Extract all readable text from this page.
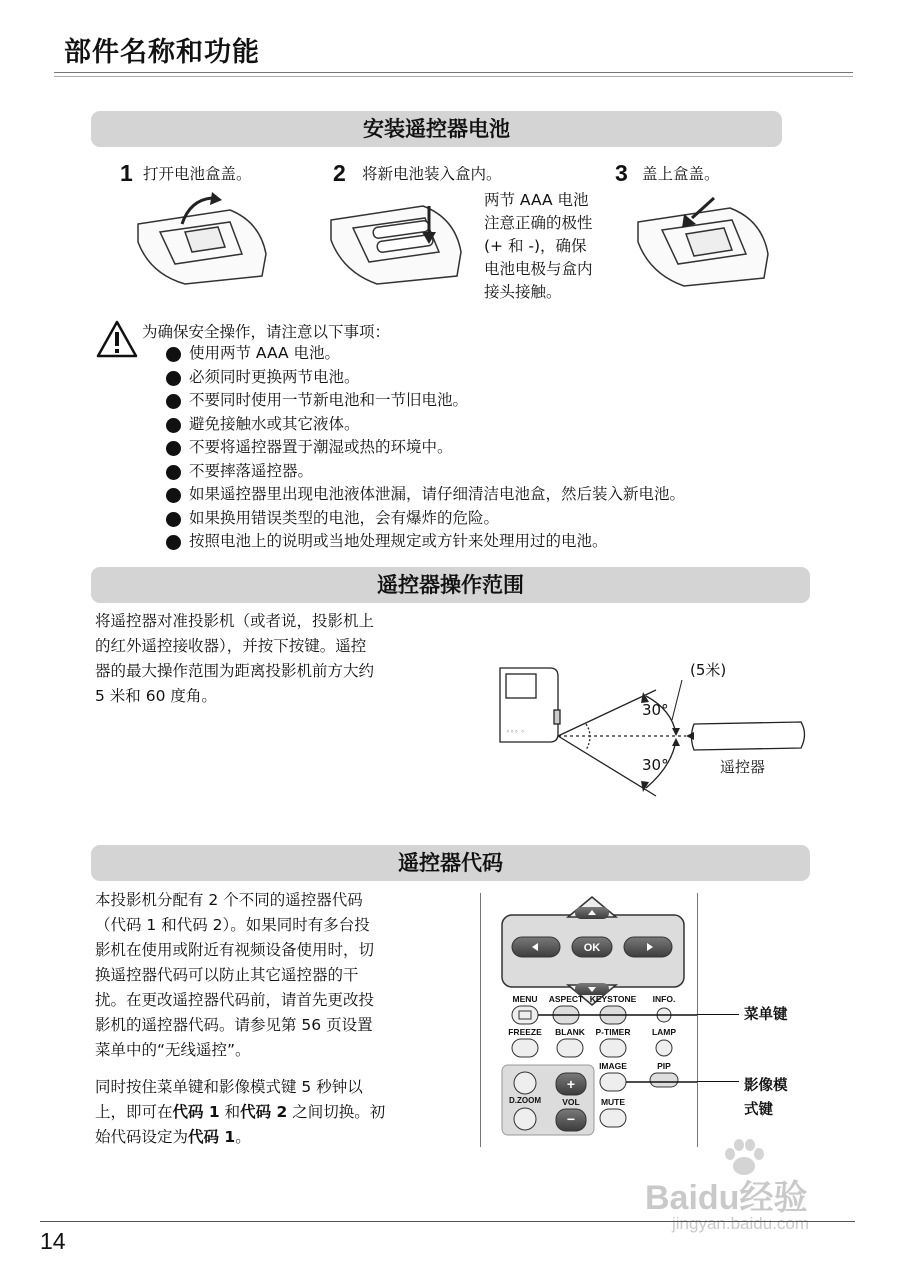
部件名称和功能
安装遥控器电池
1 打开电池盒盖。	2 将新电池装入盒内。	3 盖上盒盖。
两节 AAA 电池
注意正确的极性
(+ 和 -)，确保
电池电极与盒内
接头接触。
为确保安全操作，请注意以下事项：
使用两节 AAA 电池。
必须同时更换两节电池。
不要同时使用一节新电池和一节旧电池。
避免接触水或其它液体。
不要将遥控器置于潮湿或热的环境中。
不要摔落遥控器。
如果遥控器里出现电池液体泄漏，请仔细清洁电池盒，然后装入新电池。
如果换用错误类型的电池，会有爆炸的危险。
按照电池上的说明或当地处理规定或方针来处理用过的电池。
遥控器操作范围
将遥控器对准投影机（或者说，投影机上
的红外遥控接收器），并按下按键。遥控
器的最大操作范围为距离投影机前方大约
5 米和 60 度角。
◦◦◦ ◦
(5米)
30°
30°	遥控器
遥控器代码
本投影机分配有 2 个不同的遥控器代码
（代码 1 和代码 2）。如果同时有多台投
影机在使用或附近有视频设备使用时，切
换遥控器代码可以防止其它遥控器的干
扰。在更改遥控器代码前，请首先更改投
影机的遥控器代码。请参见第 56 页设置
菜单中的“无线遥控”。
同时按住菜单键和影像模式键 5 秒钟以
上，即可在代码 1 和代码 2 之间切换。初
始代码设定为代码 1。
OK
MENU ASPECT KEYSTONE INFO.
FREEZE BLANK P-TIMER	LAMP
IMAGE	PIP
D.ZOOM
+
VOL
−
MUTE
菜单键
影像模
式键
Baidu经验
jingyan.baidu.com
14
